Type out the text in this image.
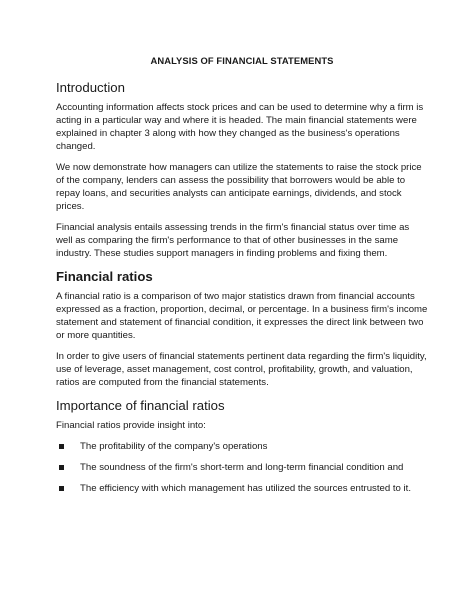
ANALYSIS OF FINANCIAL STATEMENTS
Introduction

Accounting information affects stock prices and can be used to determine why a firm is acting in a particular way and where it is headed. The main financial statements were explained in chapter 3 along with how they changed as the business's operations changed.

We now demonstrate how managers can utilize the statements to raise the stock price of the company, lenders can assess the possibility that borrowers would be able to repay loans, and securities analysts can anticipate earnings, dividends, and stock prices.

Financial analysis entails assessing trends in the firm's financial status over time as well as comparing the firm's performance to that of other businesses in the same industry. These studies support managers in finding problems and fixing them.

Financial ratios

A financial ratio is a comparison of two major statistics drawn from financial accounts expressed as a fraction, proportion, decimal, or percentage. In a business firm's income statement and statement of financial condition, it expresses the direct link between two or more quantities.

In order to give users of financial statements pertinent data regarding the firm's liquidity, use of leverage, asset management, cost control, profitability, growth, and valuation, ratios are computed from the financial statements.

Importance of financial ratios

Financial ratios provide insight into:

The profitability of the company's operations
The soundness of the firm's short-term and long-term financial condition and
The efficiency with which management has utilized the sources entrusted to it.
